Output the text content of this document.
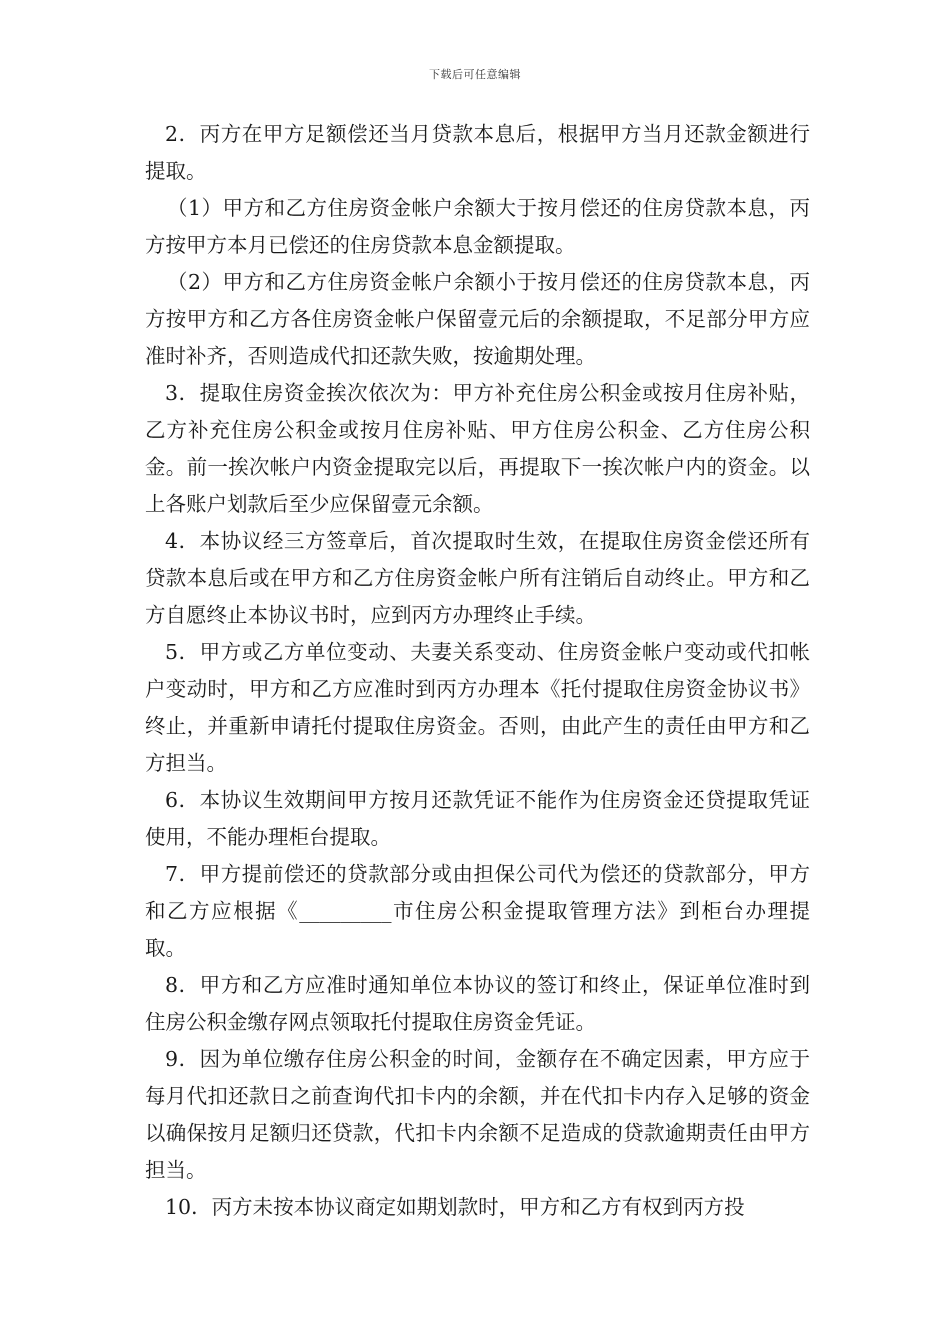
下载后可任意编辑

2．丙方在甲方足额偿还当月贷款本息后，根据甲方当月还款金额进行提取。

（1）甲方和乙方住房资金帐户余额大于按月偿还的住房贷款本息，丙方按甲方本月已偿还的住房贷款本息金额提取。

（2）甲方和乙方住房资金帐户余额小于按月偿还的住房贷款本息，丙方按甲方和乙方各住房资金帐户保留壹元后的余额提取，不足部分甲方应准时补齐，否则造成代扣还款失败，按逾期处理。

3．提取住房资金挨次依次为：甲方补充住房公积金或按月住房补贴，乙方补充住房公积金或按月住房补贴、甲方住房公积金、乙方住房公积金。前一挨次帐户内资金提取完以后，再提取下一挨次帐户内的资金。以上各账户划款后至少应保留壹元余额。

4．本协议经三方签章后，首次提取时生效，在提取住房资金偿还所有贷款本息后或在甲方和乙方住房资金帐户所有注销后自动终止。甲方和乙方自愿终止本协议书时，应到丙方办理终止手续。

5．甲方或乙方单位变动、夫妻关系变动、住房资金帐户变动或代扣帐户变动时，甲方和乙方应准时到丙方办理本《托付提取住房资金协议书》终止，并重新申请托付提取住房资金。否则，由此产生的责任由甲方和乙方担当。

6．本协议生效期间甲方按月还款凭证不能作为住房资金还贷提取凭证使用，不能办理柜台提取。

7．甲方提前偿还的贷款部分或由担保公司代为偿还的贷款部分，甲方和乙方应根据《_________市住房公积金提取管理方法》到柜台办理提取。

8．甲方和乙方应准时通知单位本协议的签订和终止，保证单位准时到住房公积金缴存网点领取托付提取住房资金凭证。

9．因为单位缴存住房公积金的时间，金额存在不确定因素，甲方应于每月代扣还款日之前查询代扣卡内的余额，并在代扣卡内存入足够的资金以确保按月足额归还贷款，代扣卡内余额不足造成的贷款逾期责任由甲方担当。

10．丙方未按本协议商定如期划款时，甲方和乙方有权到丙方投
